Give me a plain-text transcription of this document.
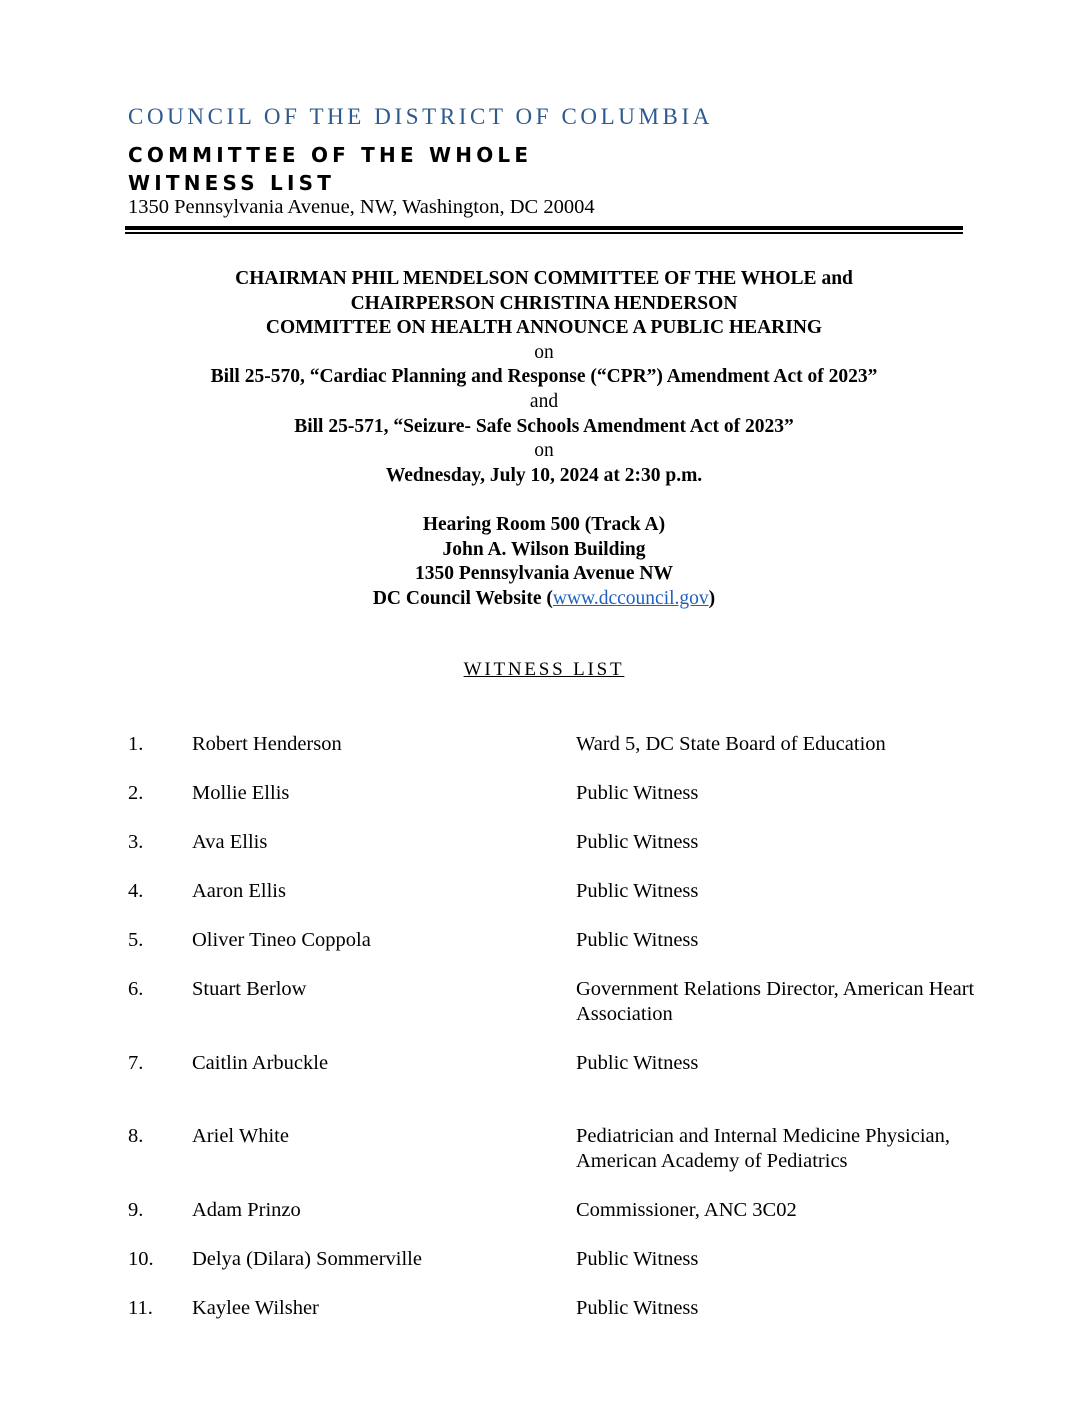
COUNCIL OF THE DISTRICT OF COLUMBIA
COMMITTEE OF THE WHOLE
WITNESS LIST
1350 Pennsylvania Avenue, NW, Washington, DC 20004
CHAIRMAN PHIL MENDELSON COMMITTEE OF THE WHOLE and
CHAIRPERSON CHRISTINA HENDERSON
COMMITTEE ON HEALTH ANNOUNCE A PUBLIC HEARING
on
Bill 25-570, “Cardiac Planning and Response (“CPR”) Amendment Act of 2023”
and
Bill 25-571, “Seizure- Safe Schools Amendment Act of 2023”
on
Wednesday, July 10, 2024 at 2:30 p.m.
Hearing Room 500 (Track A)
John A. Wilson Building
1350 Pennsylvania Avenue NW
DC Council Website (www.dccouncil.gov)
WITNESS LIST
1. Robert Henderson	Ward 5, DC State Board of Education
2. Mollie Ellis	Public Witness
3. Ava Ellis	Public Witness
4. Aaron Ellis	Public Witness
5. Oliver Tineo Coppola	Public Witness
6. Stuart Berlow	Government Relations Director, American Heart Association
7. Caitlin Arbuckle	Public Witness
8. Ariel White	Pediatrician and Internal Medicine Physician, American Academy of Pediatrics
9. Adam Prinzo	Commissioner, ANC 3C02
10. Delya (Dilara) Sommerville	Public Witness
11. Kaylee Wilsher	Public Witness
